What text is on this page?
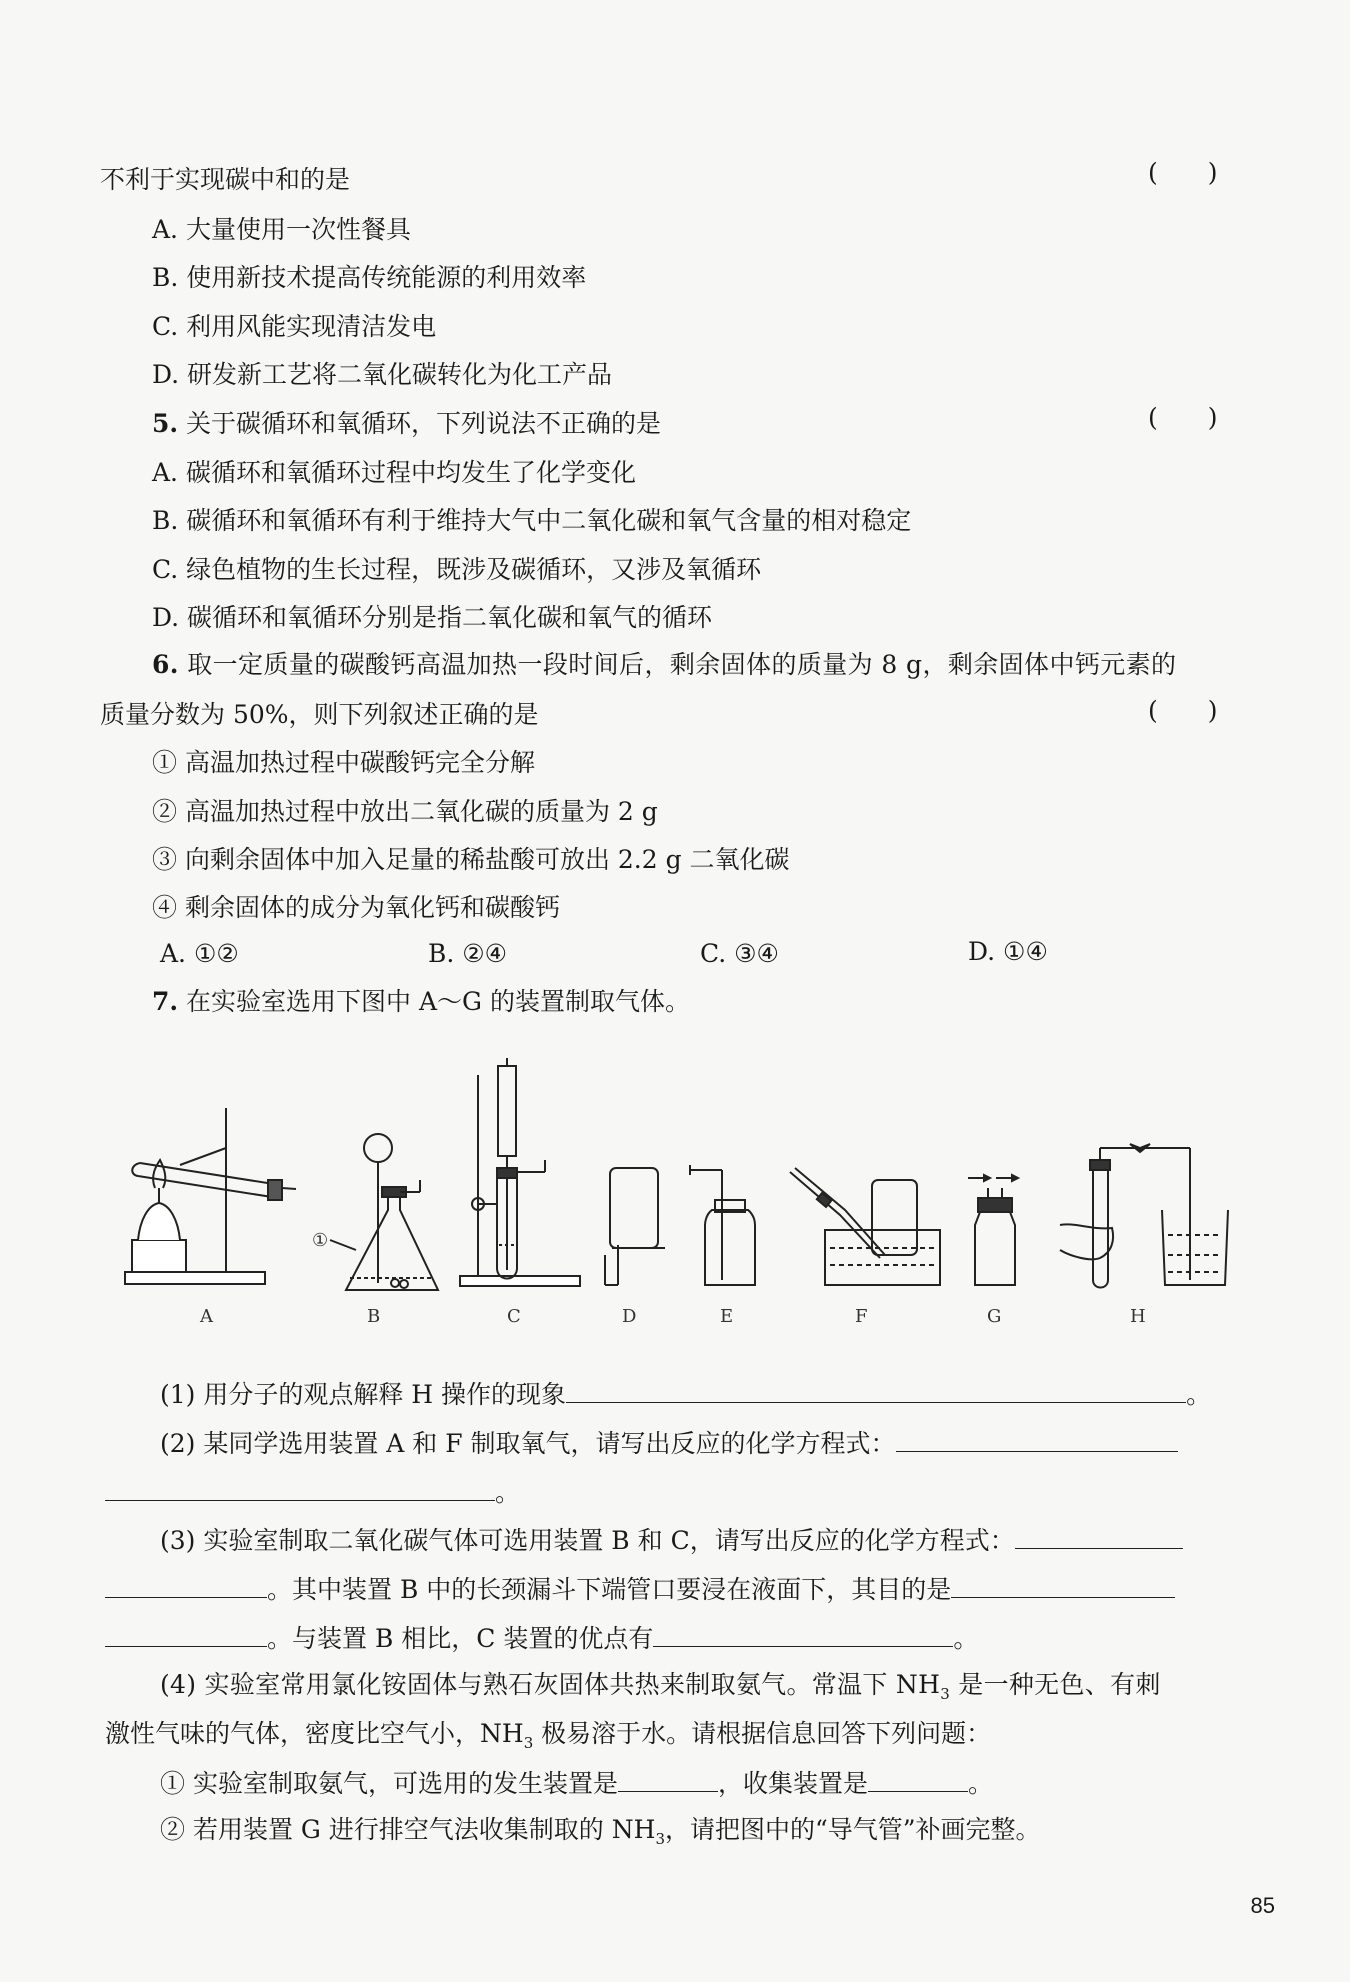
不利于实现碳中和的是	(　　)
A. 大量使用一次性餐具
B. 使用新技术提高传统能源的利用效率
C. 利用风能实现清洁发电
D. 研发新工艺将二氧化碳转化为化工产品
5. 关于碳循环和氧循环，下列说法不正确的是	(　　)
A. 碳循环和氧循环过程中均发生了化学变化
B. 碳循环和氧循环有利于维持大气中二氧化碳和氧气含量的相对稳定
C. 绿色植物的生长过程，既涉及碳循环，又涉及氧循环
D. 碳循环和氧循环分别是指二氧化碳和氧气的循环
6. 取一定质量的碳酸钙高温加热一段时间后，剩余固体的质量为 8 g，剩余固体中钙元素的
质量分数为 50%，则下列叙述正确的是	(　　)
① 高温加热过程中碳酸钙完全分解
② 高温加热过程中放出二氧化碳的质量为 2 g
③ 向剩余固体中加入足量的稀盐酸可放出 2.2 g 二氧化碳
④ 剩余固体的成分为氧化钙和碳酸钙
A. ①②	B. ②④	C. ③④	D. ①④
7. 在实验室选用下图中 A～G 的装置制取气体。
①
A	B	C	D	E	F	G	H
(1) 用分子的观点解释 H 操作的现象	。
(2) 某同学选用装置 A 和 F 制取氧气，请写出反应的化学方程式：
。
(3) 实验室制取二氧化碳气体可选用装置 B 和 C，请写出反应的化学方程式：
。其中装置 B 中的长颈漏斗下端管口要浸在液面下，其目的是
。与装置 B 相比，C 装置的优点有	。
(4) 实验室常用氯化铵固体与熟石灰固体共热来制取氨气。常温下 $NH_3$ 是一种无色、有刺
激性气味的气体，密度比空气小，$NH_3$ 极易溶于水。请根据信息回答下列问题：
① 实验室制取氨气，可选用的发生装置是	，收集装置是	。
② 若用装置 G 进行排空气法收集制取的 $NH_3$，请把图中的“导气管”补画完整。
85
